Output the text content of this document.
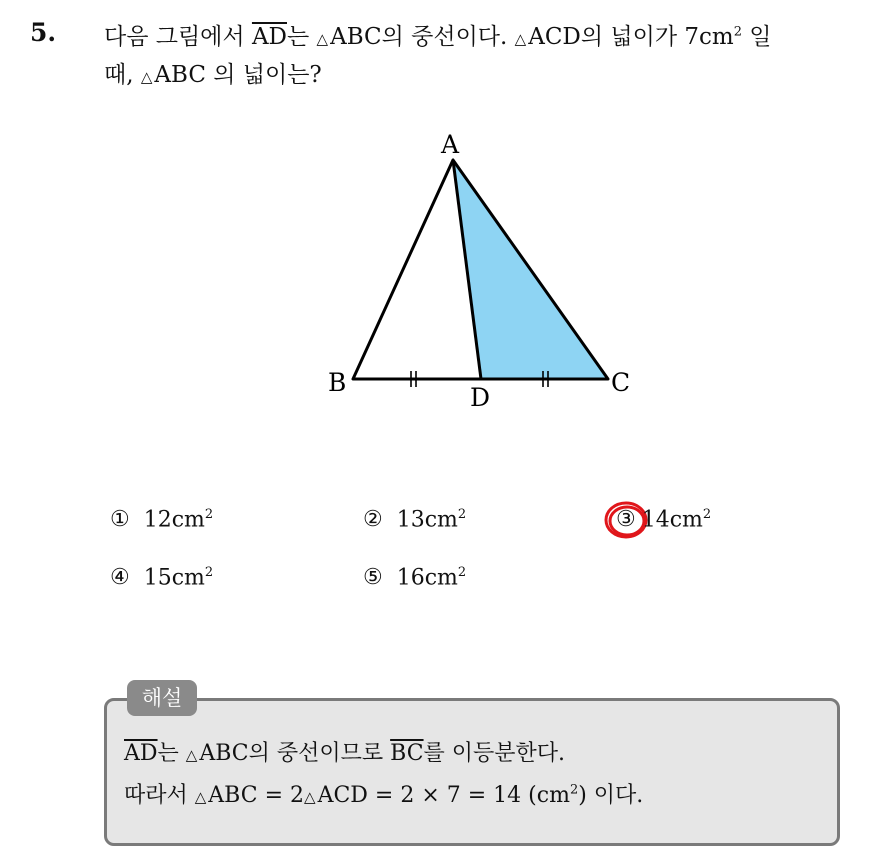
5. 다음 그림에서 $\overline{AD}$는 △ABC의 중선이다. △ACD의 넓이가 $7cm^2$ 일
때, △ABC 의 넓이는?
A
B	C
D
① $12cm^2$	② $13cm^2$	③ $14cm^2$
④ $15cm^2$	⑤ $16cm^2$
해설
$\overline{AD}$는 △ABC의 중선이므로 $\overline{BC}$를 이등분한다.
따라서 △ABC = 2△ACD = 2 × 7 = 14 $(cm^2)$ 이다.
